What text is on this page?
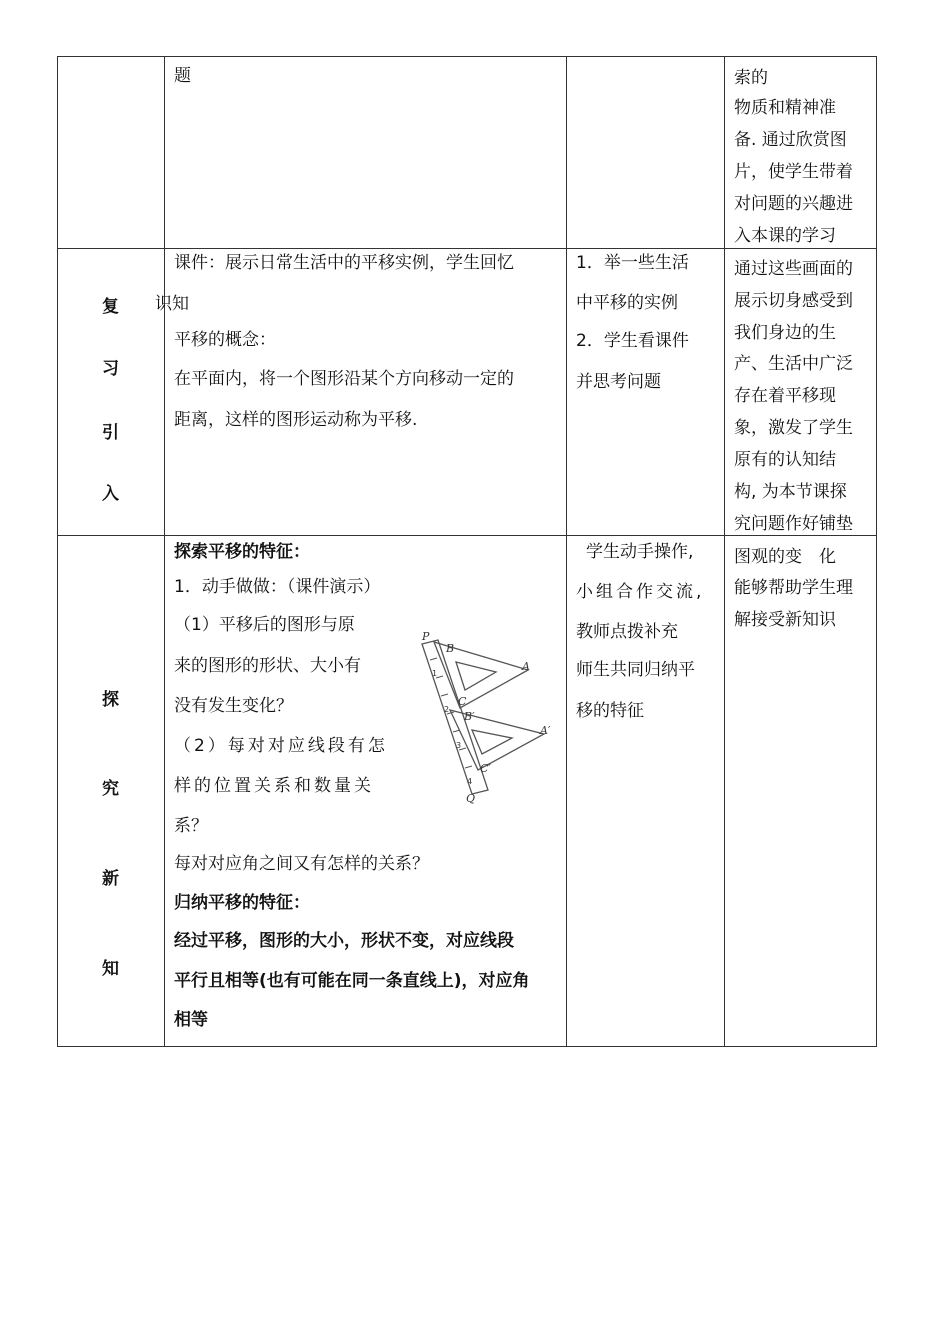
题	索的
物质和精神准
备. 通过欣赏图
片，使学生带着
对问题的兴趣进
入本课的学习
复
习
引
入
课件：展示日常生活中的平移实例，学生回忆
识知
平移的概念：
在平面内，将一个图形沿某个方向移动一定的
距离，这样的图形运动称为平移.
1．举一些生活
中平移的实例
2．学生看课件
并思考问题
通过这些画面的
展示切身感受到
我们身边的生
产、生活中广泛
存在着平移现
象，激发了学生
原有的认知结
构, 为本节课探
究问题作好铺垫
探
究
新
知
探索平移的特征：
1．动手做做：（课件演示）
（1）平移后的图形与原
来的图形的形状、大小有
没有发生变化？
（2）每对对应线段有怎
样的位置关系和数量关
系？
每对对应角之间又有怎样的关系？
归纳平移的特征：
经过平移，图形的大小，形状不变，对应线段
平行且相等(也有可能在同一条直线上)，对应角
相等
P
B
A
C
B′
A′
C′
Q
1
2
3
4
学生动手操作,
小组合作交流,
教师点拨补充
师生共同归纳平
移的特征
图观的变　化
能够帮助学生理
解接受新知识
